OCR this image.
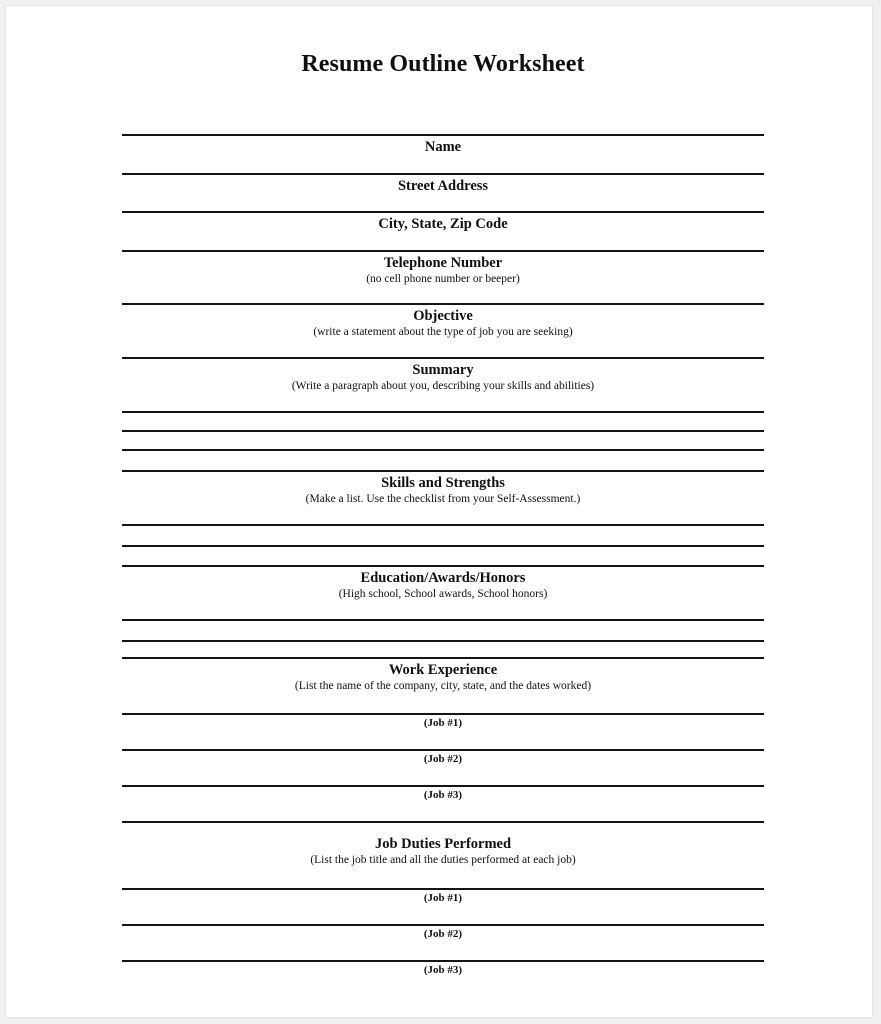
Resume Outline Worksheet
Name
Street Address
City, State, Zip Code
Telephone Number
(no cell phone number or beeper)
Objective
(write a statement about the type of job you are seeking)
Summary
(Write a paragraph about you, describing your skills and abilities)
Skills and Strengths
(Make a list. Use the checklist from your Self-Assessment.)
Education/Awards/Honors
(High school, School awards, School honors)
Work Experience
(List the name of the company, city, state, and the dates worked)
(Job #1)
(Job #2)
(Job #3)
Job Duties Performed
(List the job title and all the duties performed at each job)
(Job #1)
(Job #2)
(Job #3)
